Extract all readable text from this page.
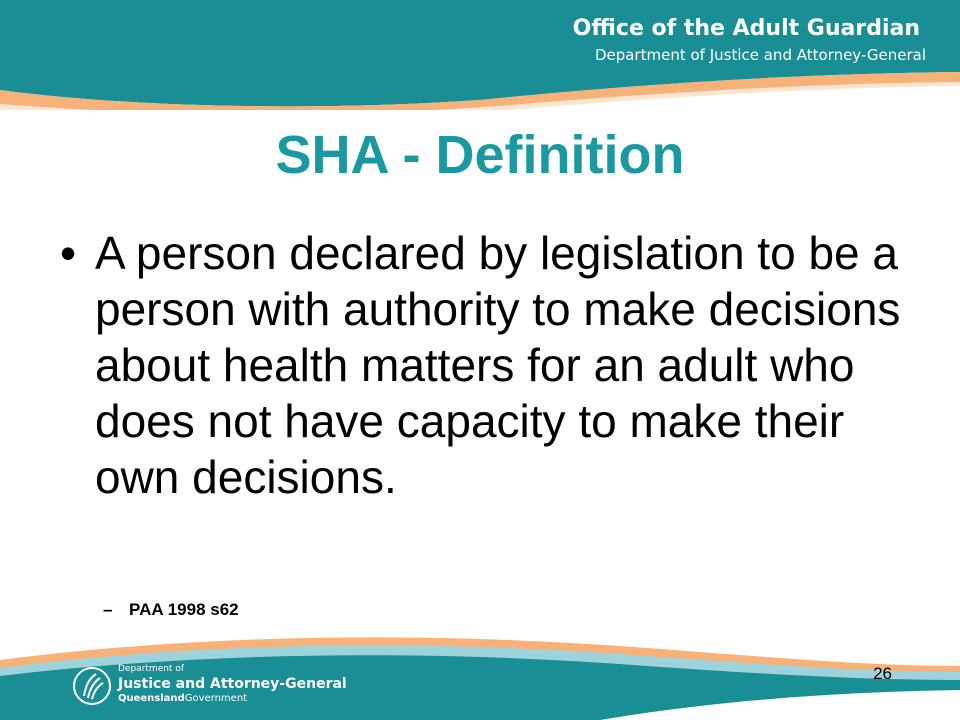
Office of the Adult Guardian
Department of Justice and Attorney-General
SHA - Definition
• A person declared by legislation to be a person with authority to make decisions about health matters for an adult who does not have capacity to make their own decisions.
– PAA 1998 s62
Department of
Justice and Attorney-General
QueenslandGovernment
26
